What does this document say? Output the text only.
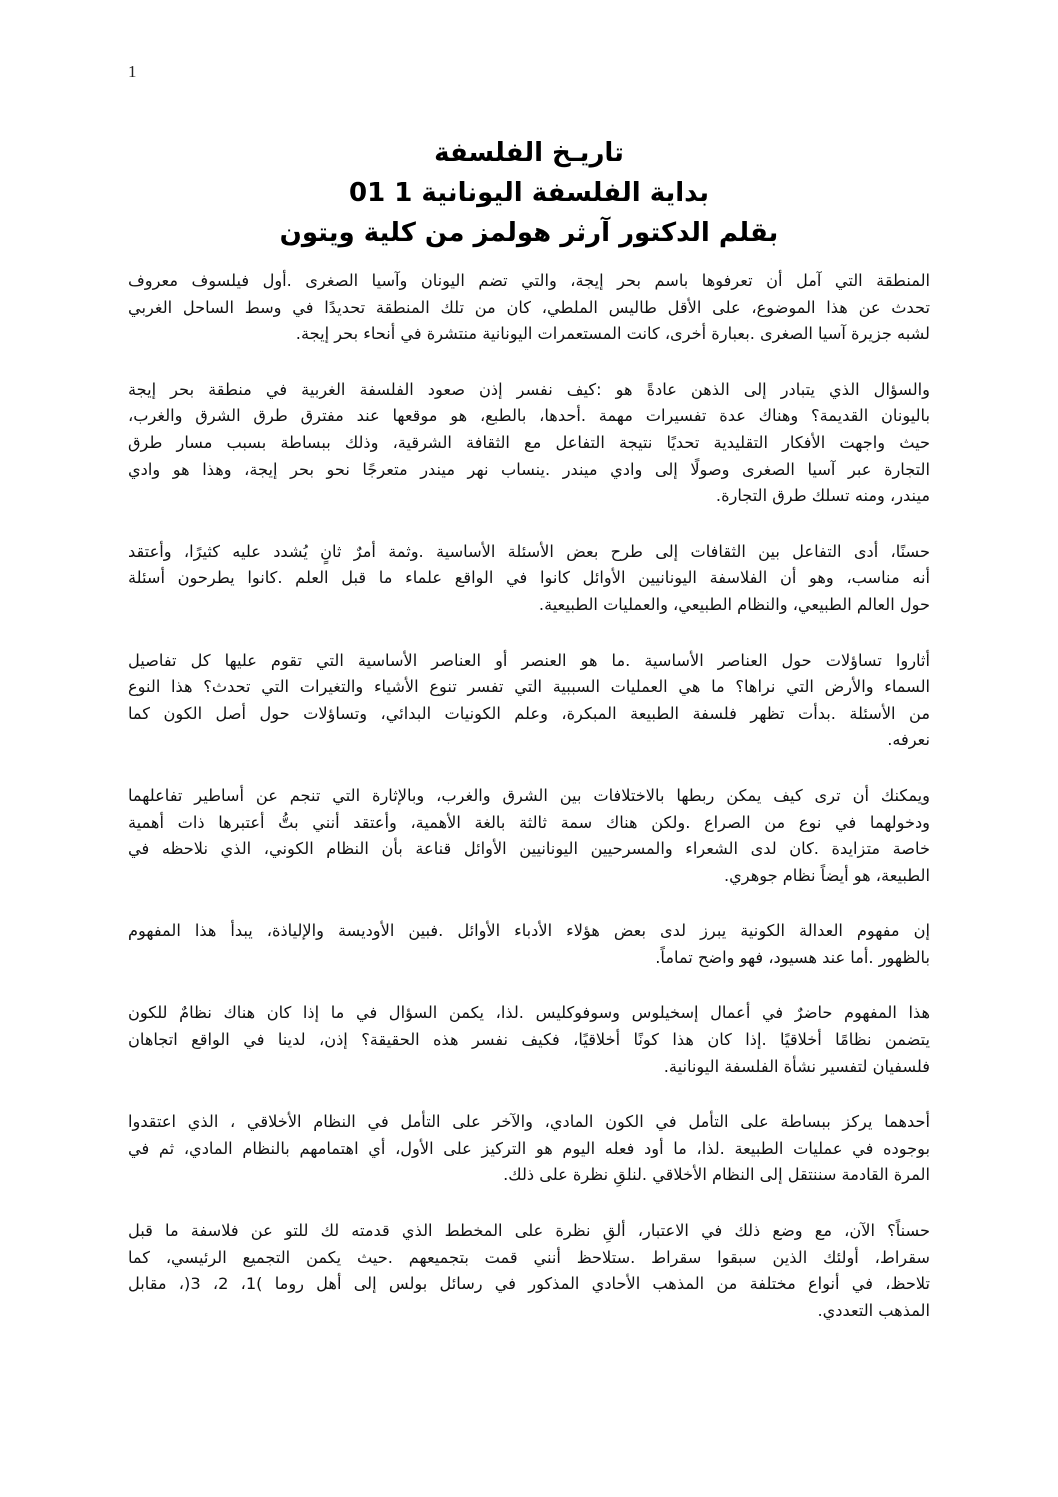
1
تاريـخ الفلسفة
بداية الفلسفة اليونانية 1 01
بقلم الدكتور آرثر هولمز من كلية ويتون
المنطقة التي آمل أن تعرفوها باسم بحر إيجة، والتي تضم اليونان وآسيا الصغرى .أول فيلسوف معروف
تحدث عن هذا الموضوع، على الأقل طاليس الملطي، كان من تلك المنطقة تحديدًا في وسط الساحل الغربي
لشبه جزيرة آسيا الصغرى .بعبارة أخرى، كانت المستعمرات اليونانية منتشرة في أنحاء بحر إيجة.
والسؤال الذي يتبادر إلى الذهن عادةً هو :كيف نفسر إذن صعود الفلسفة الغربية في منطقة بحر إيجة
باليونان القديمة؟ وهناك عدة تفسيرات مهمة .أحدها، بالطبع، هو موقعها عند مفترق طرق الشرق والغرب،
حيث واجهت الأفكار التقليدية تحديًا نتيجة التفاعل مع الثقافة الشرقية، وذلك ببساطة بسبب مسار طرق
التجارة عبر آسيا الصغرى وصولًا إلى وادي ميندر .ينساب نهر ميندر متعرجًا نحو بحر إيجة، وهذا هو وادي
ميندر، ومنه تسلك طرق التجارة.
حسنًا، أدى التفاعل بين الثقافات إلى طرح بعض الأسئلة الأساسية .وثمة أمرٌ ثانٍ يُشدد عليه كثيرًا، وأعتقد
أنه مناسب، وهو أن الفلاسفة اليونانيين الأوائل كانوا في الواقع علماء ما قبل العلم .كانوا يطرحون أسئلة
حول العالم الطبيعي، والنظام الطبيعي، والعمليات الطبيعية.
أثاروا تساؤلات حول العناصر الأساسية .ما هو العنصر أو العناصر الأساسية التي تقوم عليها كل تفاصيل
السماء والأرض التي نراها؟ ما هي العمليات السببية التي تفسر تنوع الأشياء والتغيرات التي تحدث؟ هذا النوع
من الأسئلة .بدأت تظهر فلسفة الطبيعة المبكرة، وعلم الكونيات البدائي، وتساؤلات حول أصل الكون كما
نعرفه.
ويمكنك أن ترى كيف يمكن ربطها بالاختلافات بين الشرق والغرب، وبالإثارة التي تنجم عن أساطير تفاعلهما
ودخولهما في نوع من الصراع .ولكن هناك سمة ثالثة بالغة الأهمية، وأعتقد أنني بتُّ أعتبرها ذات أهمية
خاصة متزايدة .كان لدى الشعراء والمسرحيين اليونانيين الأوائل قناعة بأن النظام الكوني، الذي نلاحظه في
الطبيعة، هو أيضاً نظام جوهري.
إن مفهوم العدالة الكونية يبرز لدى بعض هؤلاء الأدباء الأوائل .فبين الأوديسة والإلياذة، يبدأ هذا المفهوم
بالظهور .أما عند هسيود، فهو واضح تماماً.
هذا المفهوم حاضرٌ في أعمال إسخيلوس وسوفوكليس .لذا، يكمن السؤال في ما إذا كان هناك نظامٌ للكون
يتضمن نظامًا أخلاقيًا .إذا كان هذا كونًا أخلاقيًا، فكيف نفسر هذه الحقيقة؟ إذن، لدينا في الواقع اتجاهان
فلسفيان لتفسير نشأة الفلسفة اليونانية.
أحدهما يركز ببساطة على التأمل في الكون المادي، والآخر على التأمل في النظام الأخلاقي ، الذي اعتقدوا
بوجوده في عمليات الطبيعة .لذا، ما أود فعله اليوم هو التركيز على الأول، أي اهتمامهم بالنظام المادي، ثم في
المرة القادمة سننتقل إلى النظام الأخلاقي .لنلقِ نظرة على ذلك.
حسناً؟ الآن، مع وضع ذلك في الاعتبار، ألقِ نظرة على المخطط الذي قدمته لك للتو عن فلاسفة ما قبل
سقراط، أولئك الذين سبقوا سقراط .ستلاحظ أنني قمت بتجميعهم .حيث يكمن التجميع الرئيسي، كما
تلاحظ، في أنواع مختلفة من المذهب الأحادي المذكور في رسائل بولس إلى أهل روما )1، 2، 3(، مقابل
المذهب التعددي.
